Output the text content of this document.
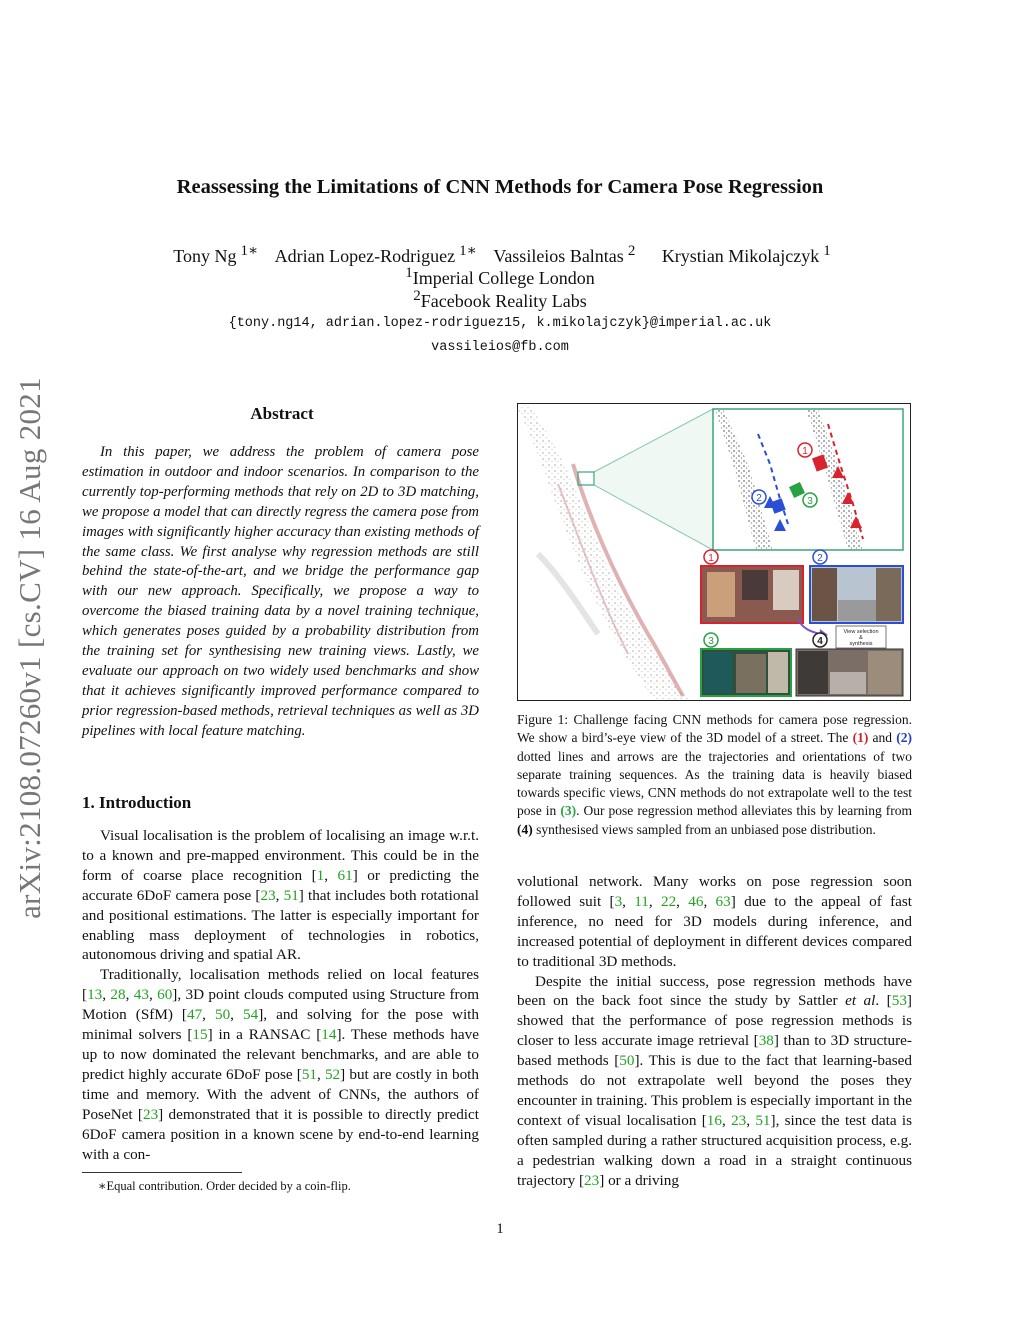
arXiv:2108.07260v1 [cs.CV] 16 Aug 2021
Reassessing the Limitations of CNN Methods for Camera Pose Regression
Tony Ng $^{1∗}$ Adrian Lopez-Rodriguez $^{1∗}$ Vassileios Balntas $^2$ Krystian Mikolajczyk $^1$
$^1$Imperial College London
$^2$Facebook Reality Labs
{tony.ng14, adrian.lopez-rodriguez15, k.mikolajczyk}@imperial.ac.uk
vassileios@fb.com
Abstract

In this paper, we address the problem of camera pose estimation in outdoor and indoor scenarios. In comparison to the currently top-performing methods that rely on 2D to 3D matching, we propose a model that can directly regress the camera pose from images with significantly higher accuracy than existing methods of the same class. We first analyse why regression methods are still behind the state-of-the-art, and we bridge the performance gap with our new approach. Specifically, we propose a way to overcome the biased training data by a novel training technique, which generates poses guided by a probability distribution from the training set for synthesising new training views. Lastly, we evaluate our approach on two widely used benchmarks and show that it achieves significantly improved performance compared to prior regression-based methods, retrieval techniques as well as 3D pipelines with local feature matching.

1. Introduction

Visual localisation is the problem of localising an image w.r.t. to a known and pre-mapped environment. This could be in the form of coarse place recognition [1, 61] or predicting the accurate 6DoF camera pose [23, 51] that includes both rotational and positional estimations. The latter is especially important for enabling mass deployment of technologies in robotics, autonomous driving and spatial AR.

Traditionally, localisation methods relied on local features [13, 28, 43, 60], 3D point clouds computed using Structure from Motion (SfM) [47, 50, 54], and solving for the pose with minimal solvers [15] in a RANSAC [14]. These methods have up to now dominated the relevant benchmarks, and are able to predict highly accurate 6DoF pose [51, 52] but are costly in both time and memory. With the advent of CNNs, the authors of PoseNet [23] demonstrated that it is possible to directly predict 6DoF camera position in a known scene by end-to-end learning with a con-

∗Equal contribution. Order decided by a coin-flip.
1
2	3
1	2
3	4
View selection
&
synthesis
Figure 1: Challenge facing CNN methods for camera pose regression. We show a bird’s-eye view of the 3D model of a street. The (1) and (2) dotted lines and arrows are the trajectories and orientations of two separate training sequences. As the training data is heavily biased towards specific views, CNN methods do not extrapolate well to the test pose in (3). Our pose regression method alleviates this by learning from (4) synthesised views sampled from an unbiased pose distribution.

volutional network. Many works on pose regression soon followed suit [3, 11, 22, 46, 63] due to the appeal of fast inference, no need for 3D models during inference, and increased potential of deployment in different devices compared to traditional 3D methods.

Despite the initial success, pose regression methods have been on the back foot since the study by Sattler et al. [53] showed that the performance of pose regression methods is closer to less accurate image retrieval [38] than to 3D structure-based methods [50]. This is due to the fact that learning-based methods do not extrapolate well beyond the poses they encounter in training. This problem is especially important in the context of visual localisation [16, 23, 51], since the test data is often sampled during a rather structured acquisition process, e.g. a pedestrian walking down a road in a straight continuous trajectory [23] or a driving

1
